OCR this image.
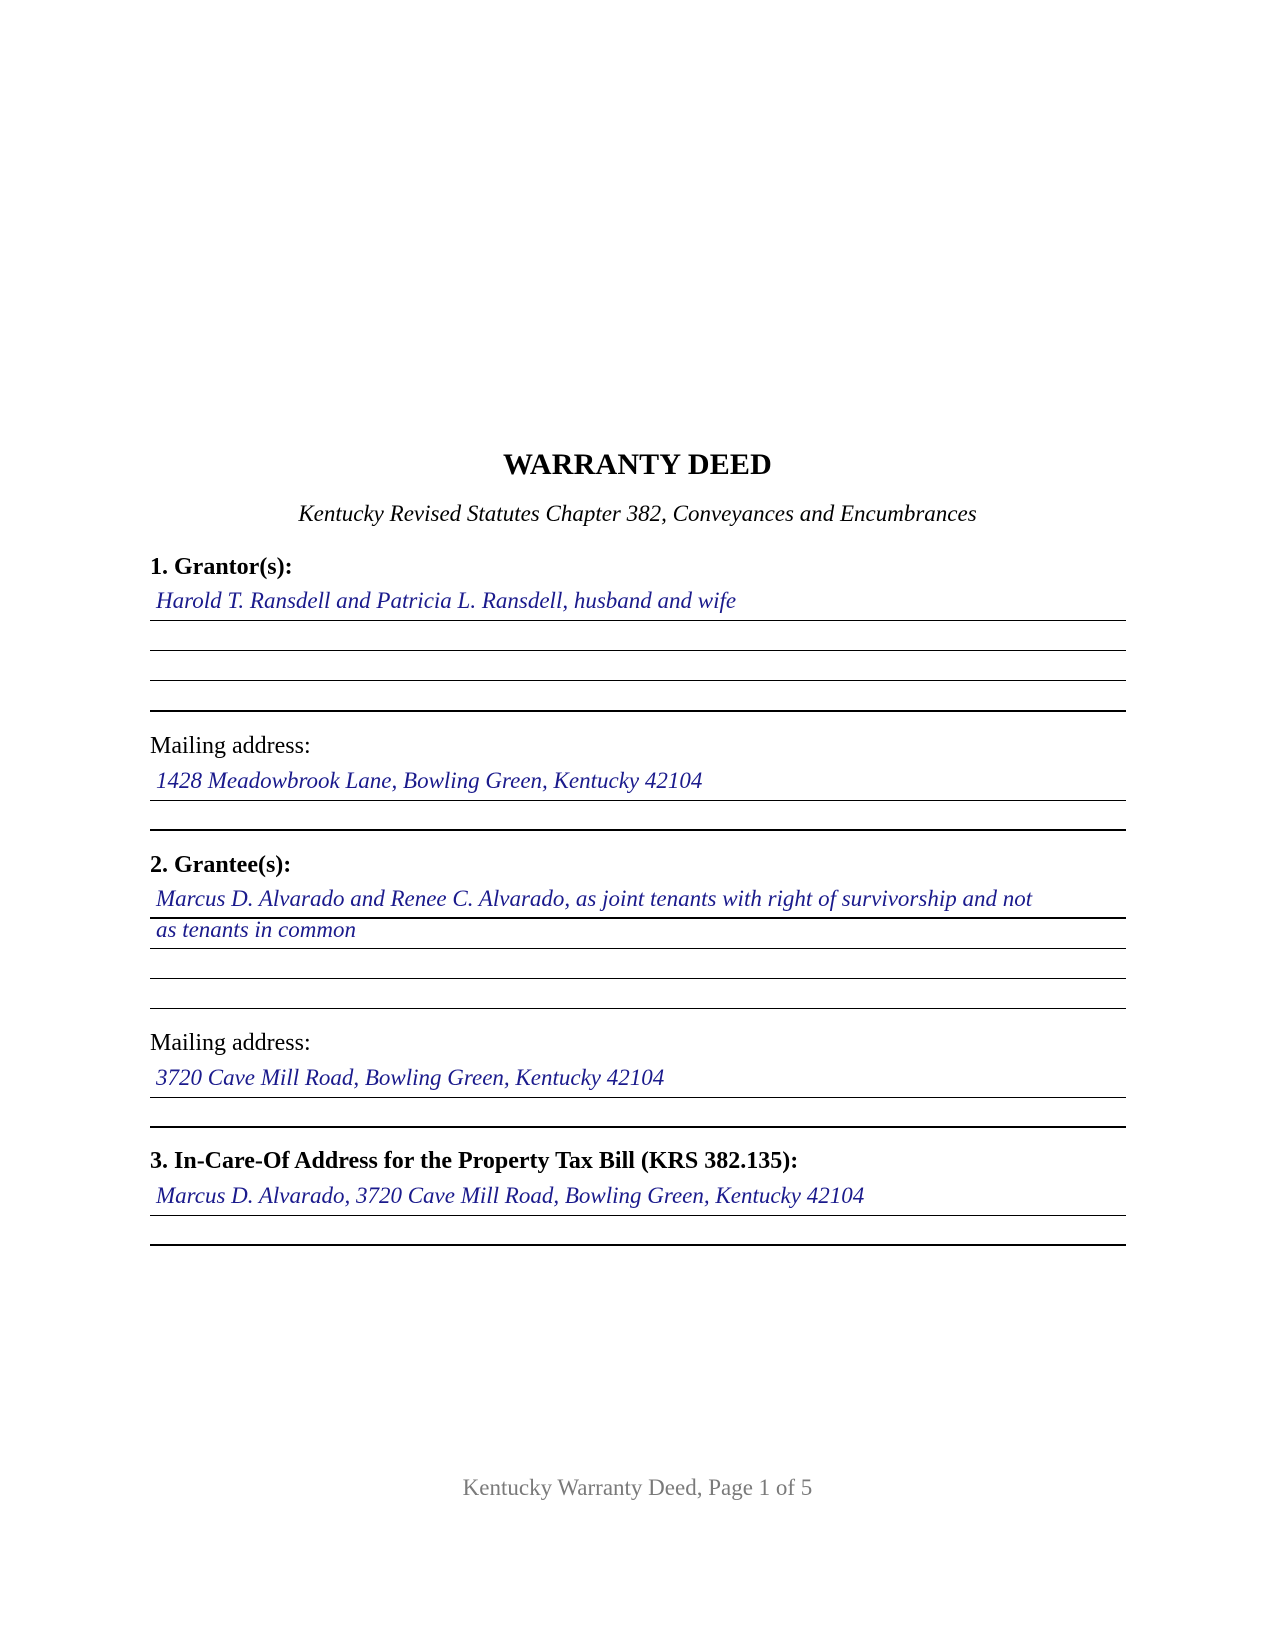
WARRANTY DEED
Kentucky Revised Statutes Chapter 382, Conveyances and Encumbrances
1. Grantor(s):
Harold T. Ransdell and Patricia L. Ransdell, husband and wife
Mailing address:
1428 Meadowbrook Lane, Bowling Green, Kentucky 42104
2. Grantee(s):
Marcus D. Alvarado and Renee C. Alvarado, as joint tenants with right of survivorship and not
as tenants in common
Mailing address:
3720 Cave Mill Road, Bowling Green, Kentucky 42104
3. In-Care-Of Address for the Property Tax Bill (KRS 382.135):
Marcus D. Alvarado, 3720 Cave Mill Road, Bowling Green, Kentucky 42104
Kentucky Warranty Deed, Page 1 of 5
